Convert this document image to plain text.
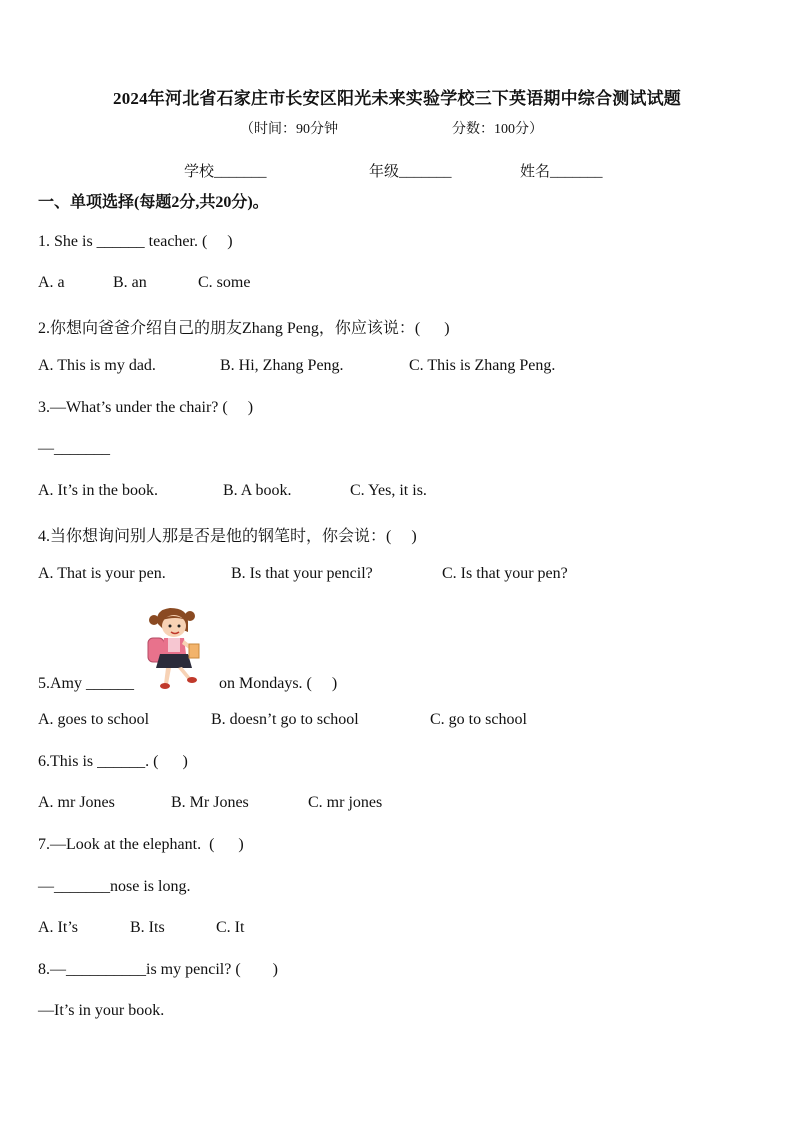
2024年河北省石家庄市长安区阳光未来实验学校三下英语期中综合测试试题
（时间：90分钟	分数：100分）
学校_______	年级_______	姓名_______
一、单项选择(每题2分,共20分)。
1. She is ______ teacher. (     )
A. a	B. an	C. some
2.你想向爸爸介绍自己的朋友Zhang Peng，你应该说：(      )
A. This is my dad.	B. Hi, Zhang Peng.	C. This is Zhang Peng.
3.—What’s under the chair? (     )
—_______
A. It’s in the book.	B. A book.	C. Yes, it is.
4.当你想询问别人那是否是他的钢笔时，你会说：(     )
A. That is your pen.	B. Is that your pencil?	C. Is that your pen?
5.Amy ______	on Mondays. (     )
A. goes to school	B. doesn’t go to school	C. go to school
6.This is ______. (      )
A. mr Jones	B. Mr Jones	C. mr jones
7.—Look at the elephant.  (      )
—_______nose is long.
A. It’s	B. Its	C. It
8.—__________is my pencil? (        )
—It’s in your book.
